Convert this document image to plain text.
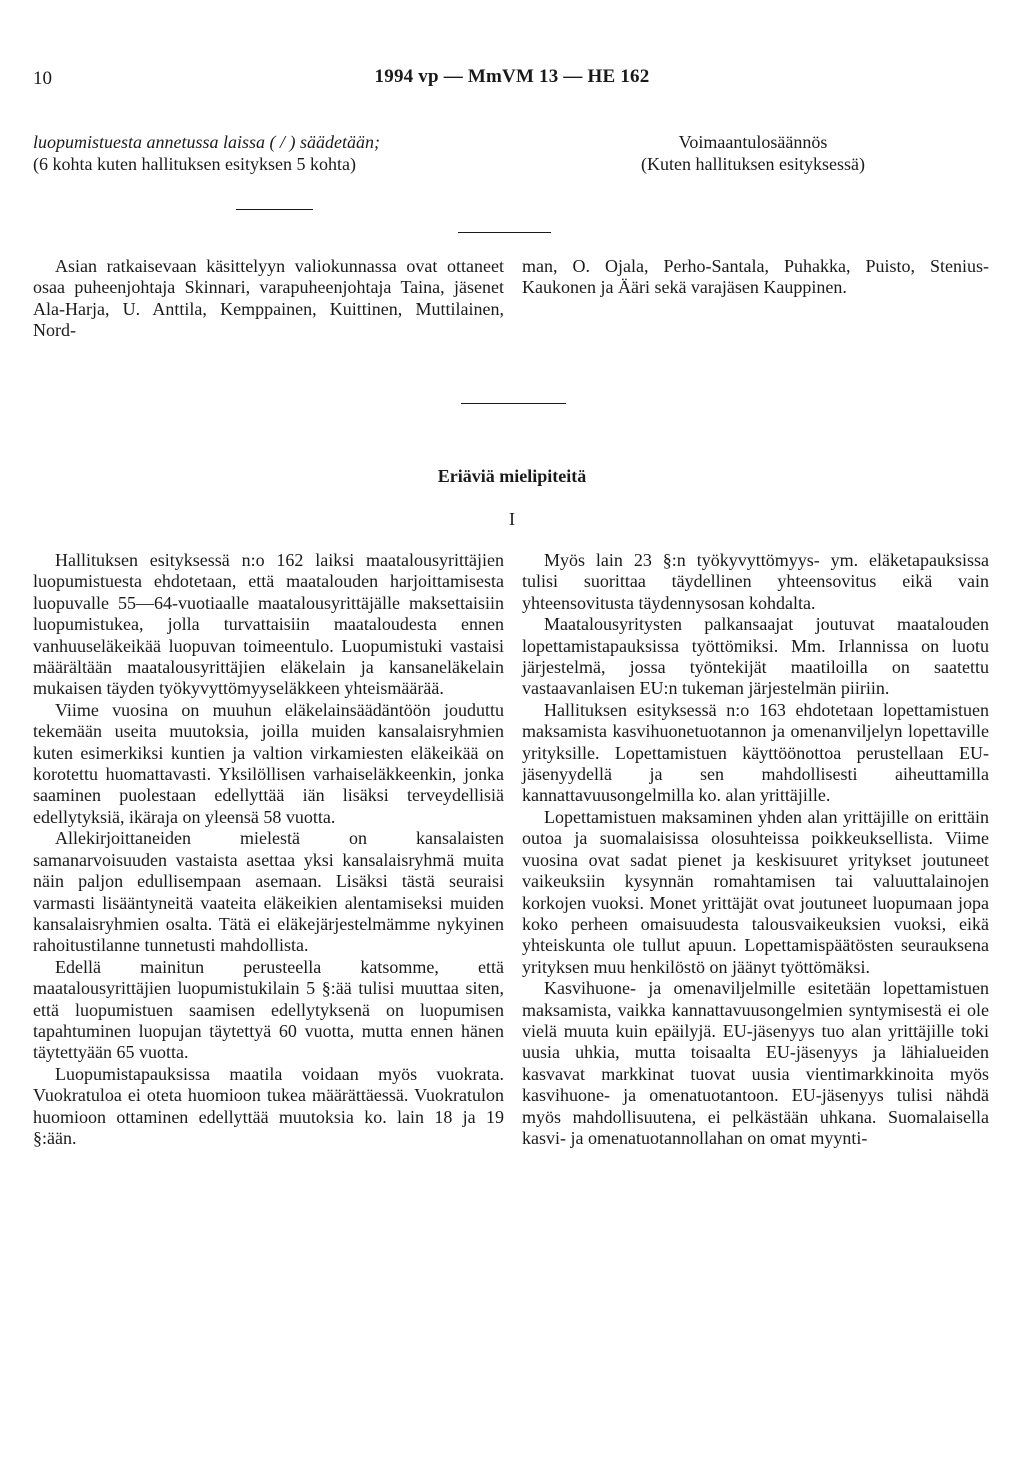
10	1994 vp — MmVM 13 — HE 162
luopumistuesta annetussa laissa ( / ) säädetään;
(6 kohta kuten hallituksen esityksen 5 kohta)
Voimaantulosäännös
(Kuten hallituksen esityksessä)

Asian ratkaisevaan käsittelyyn valiokunnassa ovat ottaneet osaa puheenjohtaja Skinnari, varapuheenjohtaja Taina, jäsenet Ala-Harja, U. Anttila, Kemppainen, Kuittinen, Muttilainen, Nord-

man, O. Ojala, Perho-Santala, Puhakka, Puisto, Stenius-Kaukonen ja Ääri sekä varajäsen Kauppinen.

Eriäviä mielipiteitä
I

Hallituksen esityksessä n:o 162 laiksi maatalousyrittäjien luopumistuesta ehdotetaan, että maatalouden harjoittamisesta luopuvalle 55—64-vuotiaalle maatalousyrittäjälle maksettaisiin luopumistukea, jolla turvattaisiin maataloudesta ennen vanhuuseläkeikää luopuvan toimeentulo. Luopumistuki vastaisi määrältään maatalousyrittäjien eläkelain ja kansaneläkelain mukaisen täyden työkyvyttömyyseläkkeen yhteismäärää.

Viime vuosina on muuhun eläkelainsäädäntöön jouduttu tekemään useita muutoksia, joilla muiden kansalaisryhmien kuten esimerkiksi kuntien ja valtion virkamiesten eläkeikää on korotettu huomattavasti. Yksilöllisen varhaiseläkkeenkin, jonka saaminen puolestaan edellyttää iän lisäksi terveydellisiä edellytyksiä, ikäraja on yleensä 58 vuotta.

Allekirjoittaneiden mielestä on kansalaisten samanarvoisuuden vastaista asettaa yksi kansalaisryhmä muita näin paljon edullisempaan asemaan. Lisäksi tästä seuraisi varmasti lisääntyneitä vaateita eläkeikien alentamiseksi muiden kansalaisryhmien osalta. Tätä ei eläkejärjestelmämme nykyinen rahoitustilanne tunnetusti mahdollista.

Edellä mainitun perusteella katsomme, että maatalousyrittäjien luopumistukilain 5 §:ää tulisi muuttaa siten, että luopumistuen saamisen edellytyksenä on luopumisen tapahtuminen luopujan täytettyä 60 vuotta, mutta ennen hänen täytettyään 65 vuotta.

Luopumistapauksissa maatila voidaan myös vuokrata. Vuokratuloa ei oteta huomioon tukea määrättäessä. Vuokratulon huomioon ottaminen edellyttää muutoksia ko. lain 18 ja 19 §:ään.

Myös lain 23 §:n työkyvyttömyys- ym. eläketapauksissa tulisi suorittaa täydellinen yhteensovitus eikä vain yhteensovitusta täydennysosan kohdalta.

Maatalousyritysten palkansaajat joutuvat maatalouden lopettamistapauksissa työttömiksi. Mm. Irlannissa on luotu järjestelmä, jossa työntekijät maatiloilla on saatettu vastaavanlaisen EU:n tukeman järjestelmän piiriin.

Hallituksen esityksessä n:o 163 ehdotetaan lopettamistuen maksamista kasvihuonetuotannon ja omenanviljelyn lopettaville yrityksille. Lopettamistuen käyttöönottoa perustellaan EU-jäsenyydellä ja sen mahdollisesti aiheuttamilla kannattavuusongelmilla ko. alan yrittäjille.

Lopettamistuen maksaminen yhden alan yrittäjille on erittäin outoa ja suomalaisissa olosuhteissa poikkeuksellista. Viime vuosina ovat sadat pienet ja keskisuuret yritykset joutuneet vaikeuksiin kysynnän romahtamisen tai valuuttalainojen korkojen vuoksi. Monet yrittäjät ovat joutuneet luopumaan jopa koko perheen omaisuudesta talousvaikeuksien vuoksi, eikä yhteiskunta ole tullut apuun. Lopettamispäätösten seurauksena yrityksen muu henkilöstö on jäänyt työttömäksi.

Kasvihuone- ja omenaviljelmille esitetään lopettamistuen maksamista, vaikka kannattavuusongelmien syntymisestä ei ole vielä muuta kuin epäilyjä. EU-jäsenyys tuo alan yrittäjille toki uusia uhkia, mutta toisaalta EU-jäsenyys ja lähialueiden kasvavat markkinat tuovat uusia vientimarkkinoita myös kasvihuone- ja omenatuotantoon. EU-jäsenyys tulisi nähdä myös mahdollisuutena, ei pelkästään uhkana. Suomalaisella kasvi- ja omenatuotannollahan on omat myynti-
